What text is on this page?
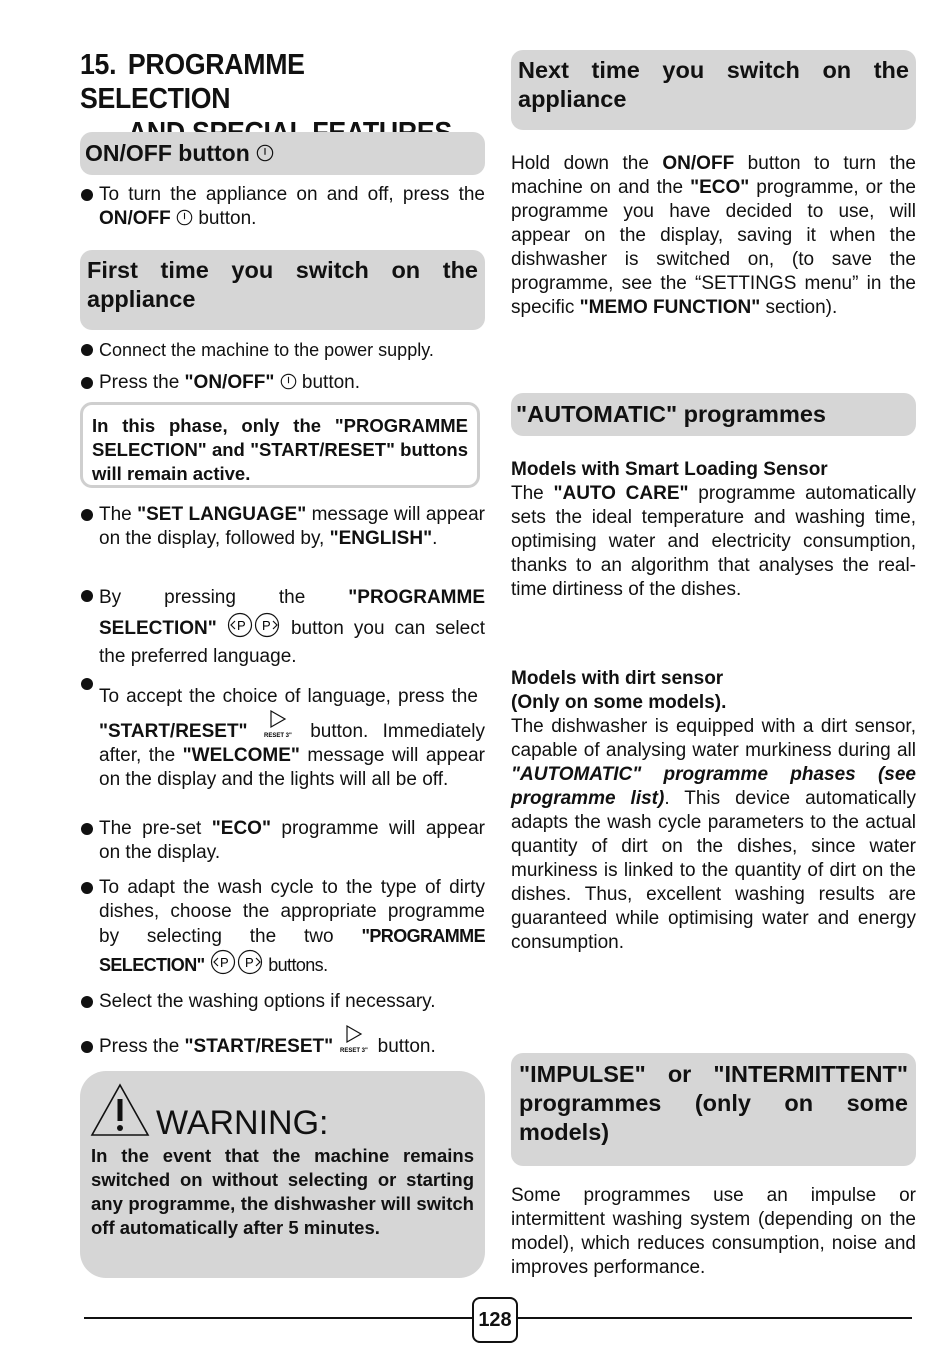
15. PROGRAMME SELECTION
ON/OFF button
To turn the appliance on and off, press the ON/OFF  button.
First time you switch on the appliance
Connect the machine to the power supply.
Press the "ON/OFF"  button.
In this phase, only the "PROGRAMME SELECTION" and "START/RESET" buttons will remain active.
The "SET LANGUAGE" message will appear on the display, followed by, "ENGLISH".
By pressing the "PROGRAMME SELECTION" P P button you can select the preferred language.
To accept the choice of language, press the "START/RESET"	RESET 3" button. Immediately after, the "WELCOME" message will appear on the display and the lights will all be off.
The pre-set "ECO" programme will appear on the display.
To adapt the wash cycle to the type of dirty dishes, choose the appropriate programme by selecting the two "PROGRAMME SELECTION" P P buttons.
Select the washing options if necessary.
Press the "START/RESET" RESET 3" button.
WARNING:
In the event that the machine remains switched on without selecting or starting any programme, the dishwasher will switch off automatically after 5 minutes.
Next time you switch on the appliance
Hold down the ON/OFF button to turn the machine on and the "ECO" programme, or the programme you have decided to use, will appear on the display, saving it when the dishwasher is switched on, (to save the programme, see the “SETTINGS menu” in the specific "MEMO FUNCTION" section).
"AUTOMATIC" programmes
Models with Smart Loading Sensor
The "AUTO CARE" programme automatically sets the ideal temperature and washing time, optimising water and electricity consumption, thanks to an algorithm that analyses the real-time dirtiness of the dishes.
Models with dirt sensor
(Only on some models).
The dishwasher is equipped with a dirt sensor, capable of analysing water murkiness during all "AUTOMATIC" programme phases (see programme list). This device automatically adapts the wash cycle parameters to the actual quantity of dirt on the dishes, since water murkiness is linked to the quantity of dirt on the dishes. Thus, excellent washing results are guaranteed while optimising water and energy consumption.
"IMPULSE" or "INTERMITTENT" programmes (only on some models)
Some programmes use an impulse or intermittent washing system (depending on the model), which reduces consumption, noise and improves performance.
128
